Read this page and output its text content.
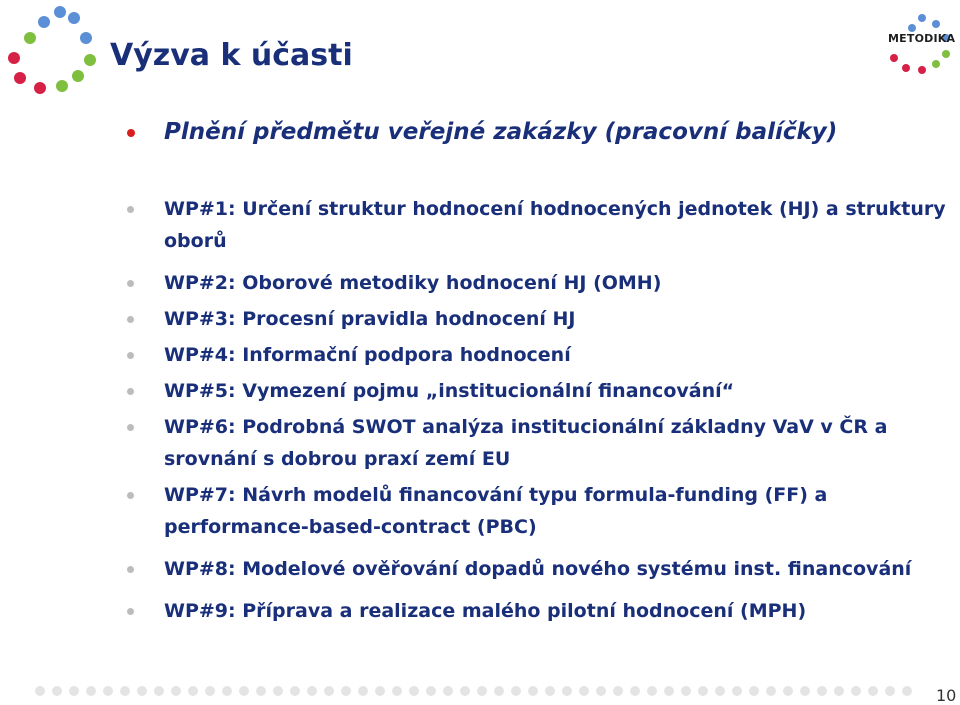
METODIKA
Výzva k účasti

Plnění předmětu veřejné zakázky (pracovní balíčky)

WP#1: Určení struktur hodnocení hodnocených jednotek (HJ) a struktury oborů
WP#2: Oborové metodiky hodnocení HJ (OMH)
WP#3: Procesní pravidla hodnocení HJ
WP#4: Informační podpora hodnocení
WP#5: Vymezení pojmu „institucionální financování“
WP#6: Podrobná SWOT analýza institucionální základny VaV v ČR a srovnání s dobrou praxí zemí EU
WP#7: Návrh modelů financování typu formula-funding (FF) a performance-based-contract (PBC)
WP#8: Modelové ověřování dopadů nového systému inst. financování
WP#9: Příprava a realizace malého pilotní hodnocení (MPH)
10
